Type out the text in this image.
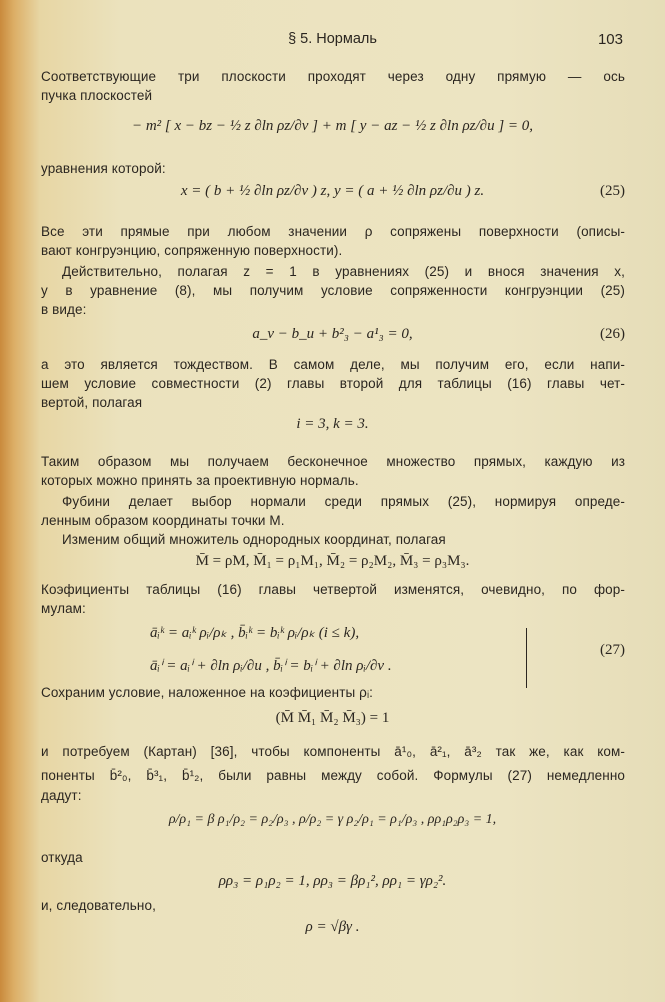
§ 5. Нормаль	103
Соответствующие три плоскости проходят через одну прямую — ось
пучка плоскостей
− m² [ x − bz − ½ z ∂ln ρz/∂v ] + m [ y − az − ½ z ∂ln ρz/∂u ] = 0,
уравнения которой:
x = ( b + ½ ∂ln ρz/∂v ) z, y = ( a + ½ ∂ln ρz/∂u ) z.	(25)
Все эти прямые при любом значении ρ сопряжены поверхности (описы-
вают конгруэнцию, сопряженную поверхности).
Действительно, полагая z = 1 в уравнениях (25) и внося значения x,
y в уравнение (8), мы получим условие сопряженности конгруэнции (25)
в виде:
a_v − b_u + b²₃ − a¹₃ = 0,	(26)
а это является тождеством. В самом деле, мы получим его, если напи-
шем условие совместности (2) главы второй для таблицы (16) главы чет-
вертой, полагая
i = 3, k = 3.
Таким образом мы получаем бесконечное множество прямых, каждую из
которых можно принять за проективную нормаль.
Фубини делает выбор нормали среди прямых (25), нормируя опреде-
ленным образом координаты точки M.
Изменим общий множитель однородных координат, полагая
M̄ = ρM, M̄₁ = ρ₁M₁, M̄₂ = ρ₂M₂, M̄₃ = ρ₃M₃.
Коэфициенты таблицы (16) главы четвертой изменятся, очевидно, по фор-
мулам:
āᵢᵏ = aᵢᵏ ρᵢ/ρₖ , b̄ᵢᵏ = bᵢᵏ ρᵢ/ρₖ (i ≤ k),
āᵢⁱ = aᵢⁱ + ∂ln ρᵢ/∂u , b̄ᵢⁱ = bᵢⁱ + ∂ln ρᵢ/∂v .
(27)
Сохраним условие, наложенное на коэфициенты ρᵢ:
(M̄ M̄₁ M̄₂ M̄₃) = 1
и потребуем (Картан) [36], чтобы компоненты ā¹₀, ā²₁, ā³₂ так же, как ком-
поненты b̄²₀, b̄³₁, b̄¹₂, были равны между собой. Формулы (27) немедленно
дадут:
ρ/ρ₁ = β ρ₁/ρ₂ = ρ₂/ρ₃ , ρ/ρ₂ = γ ρ₂/ρ₁ = ρ₁/ρ₃ , ρρ₁ρ₂ρ₃ = 1,
откуда
ρρ₃ = ρ₁ρ₂ = 1, ρρ₃ = βρ₁², ρρ₁ = γρ₂².
и, следовательно,
ρ = √βγ .
